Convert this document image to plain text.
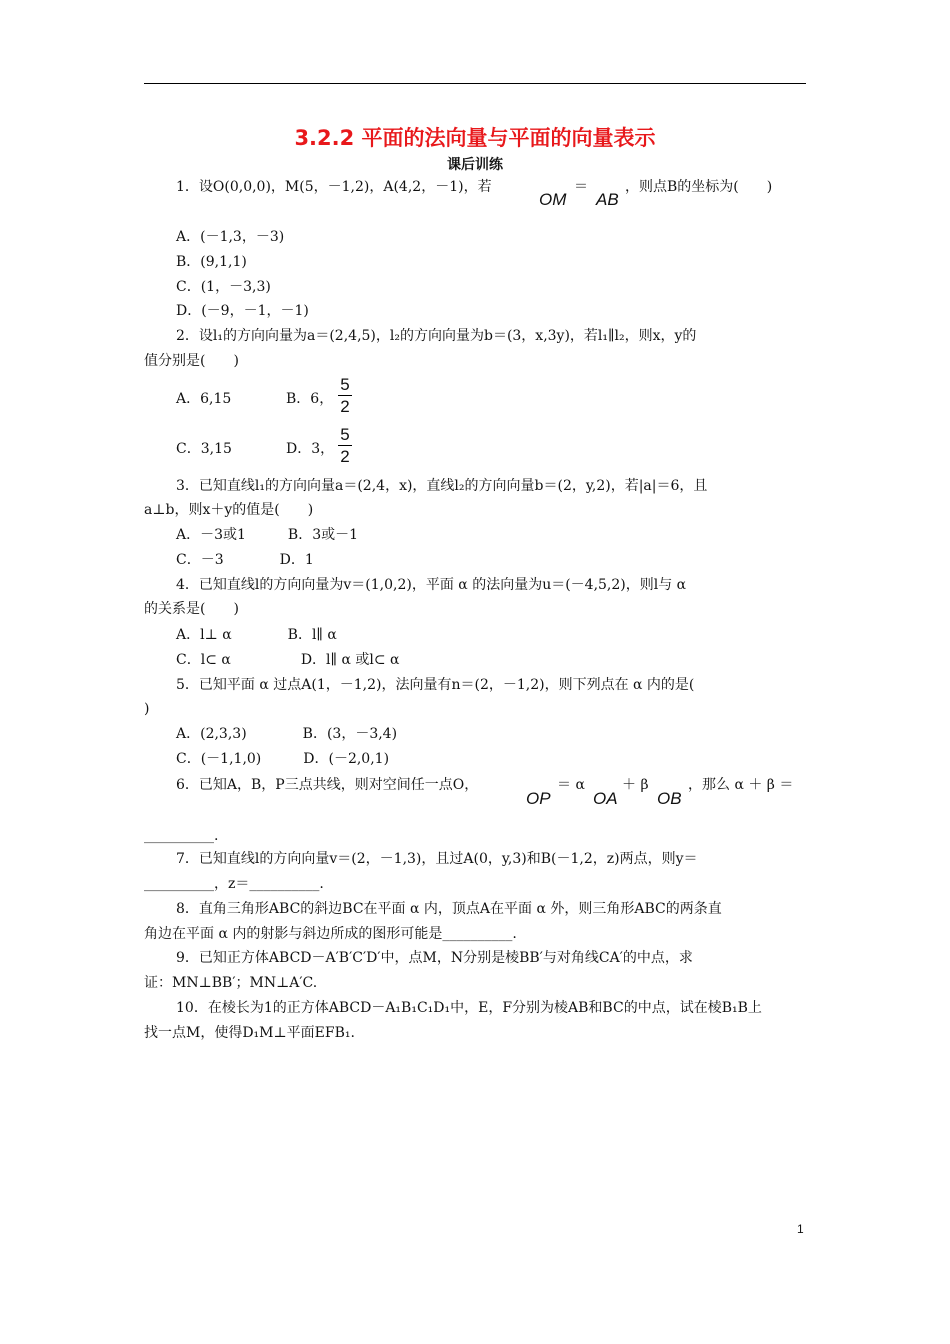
3.2.2 平面的法向量与平面的向量表示
课后训练
1．设O(0,0,0)，M(5，－1,2)，A(4,2，－1)，若
OM
＝
AB
，则点B的坐标为(　　)
A．(－1,3，－3)
B．(9,1,1)
C．(1，－3,3)
D．(－9，－1，－1)
2．设l₁的方向向量为a＝(2,4,5)，l₂的方向向量为b＝(3，x,3y)，若l₁∥l₂，则x，y的
值分别是(　　)
A．6,15	B．6，
5
2
C．3,15	D．3，
5
2
3．已知直线l₁的方向向量a＝(2,4，x)，直线l₂的方向向量b＝(2，y,2)，若|a|＝6，且
a⊥b，则x＋y的值是(　　)
A．－3或1　　　B．3或－1
C．－3　　　　D．1
4．已知直线l的方向向量为v＝(1,0,2)，平面 α 的法向量为u＝(－4,5,2)，则l与 α
的关系是(　　)
A．l⊥ α　　　　B．l∥ α
C．l⊂ α　　　　　D．l∥ α 或l⊂ α
5．已知平面 α 过点A(1，－1,2)，法向量有n＝(2，－1,2)，则下列点在 α 内的是(
)
A．(2,3,3)　　　　B．(3，－3,4)
C．(－1,1,0)　　　D．(－2,0,1)
6．已知A，B，P三点共线，则对空间任一点O，
OP
＝ α
OA
＋ β
OB
，那么 α ＋ β ＝
__________.
7．已知直线l的方向向量v＝(2，－1,3)，且过A(0，y,3)和B(－1,2，z)两点，则y＝
__________，z＝__________.
8．直角三角形ABC的斜边BC在平面 α 内，顶点A在平面 α 外，则三角形ABC的两条直
角边在平面 α 内的射影与斜边所成的图形可能是__________.
9．已知正方体ABCD－A′B′C′D′中，点M，N分别是棱BB′与对角线CA′的中点，求
证：MN⊥BB′；MN⊥A′C.
10．在棱长为1的正方体ABCD－A₁B₁C₁D₁中，E，F分别为棱AB和BC的中点，试在棱B₁B上
找一点M，使得D₁M⊥平面EFB₁.
1
